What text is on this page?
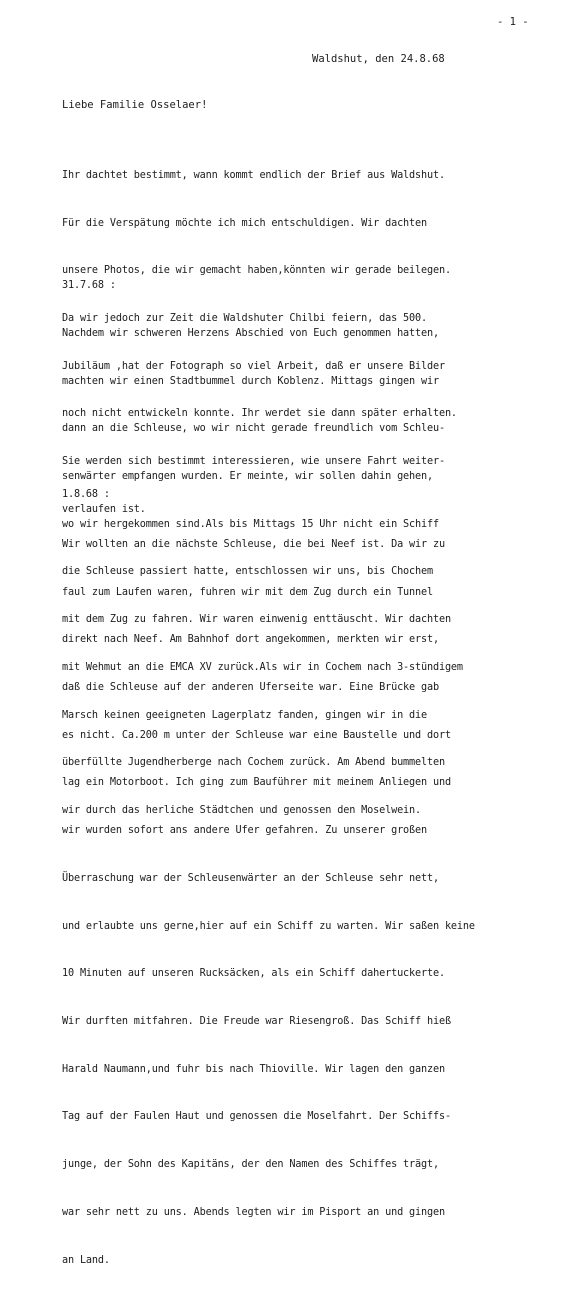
- 1 -
Waldshut, den 24.8.68
Liebe Familie Osselaer!

Ihr dachtet bestimmt, wann kommt endlich der Brief aus Waldshut.

Für die Verspätung möchte ich mich entschuldigen. Wir dachten

unsere Photos, die wir gemacht haben,könnten wir gerade beilegen.

Da wir jedoch zur Zeit die Waldshuter Chilbi feiern, das 500.

Jubiläum ,hat der Fotograph so viel Arbeit, daß er unsere Bilder

noch nicht entwickeln konnte. Ihr werdet sie dann später erhalten.

Sie werden sich bestimmt interessieren, wie unsere Fahrt weiter-

verlaufen ist.

31.7.68 :

Nachdem wir schweren Herzens Abschied von Euch genommen hatten,

machten wir einen Stadtbummel durch Koblenz. Mittags gingen wir

dann an die Schleuse, wo wir nicht gerade freundlich vom Schleu-

senwärter empfangen wurden. Er meinte, wir sollen dahin gehen,

wo wir hergekommen sind.Als bis Mittags 15 Uhr nicht ein Schiff

die Schleuse passiert hatte, entschlossen wir uns, bis Chochem

mit dem Zug zu fahren. Wir waren einwenig enttäuscht. Wir dachten

mit Wehmut an die EMCA XV zurück.Als wir in Cochem nach 3-stündigem

Marsch keinen geeigneten Lagerplatz fanden, gingen wir in die

überfüllte Jugendherberge nach Cochem zurück. Am Abend bummelten

wir durch das herliche Städtchen und genossen den Moselwein.

1.8.68 :

Wir wollten an die nächste Schleuse, die bei Neef ist. Da wir zu

faul zum Laufen waren, fuhren wir mit dem Zug durch ein Tunnel

direkt nach Neef. Am Bahnhof dort angekommen, merkten wir erst,

daß die Schleuse auf der anderen Uferseite war. Eine Brücke gab

es nicht. Ca.200 m unter der Schleuse war eine Baustelle und dort

lag ein Motorboot. Ich ging zum Bauführer mit meinem Anliegen und

wir wurden sofort ans andere Ufer gefahren. Zu unserer großen

Überraschung war der Schleusenwärter an der Schleuse sehr nett,

und erlaubte uns gerne,hier auf ein Schiff zu warten. Wir saßen keine

10 Minuten auf unseren Rucksäcken, als ein Schiff dahertuckerte.

Wir durften mitfahren. Die Freude war Riesengroß. Das Schiff hieß

Harald Naumann,und fuhr bis nach Thioville. Wir lagen den ganzen

Tag auf der Faulen Haut und genossen die Moselfahrt. Der Schiffs-

junge, der Sohn des Kapitäns, der den Namen des Schiffes trägt,

war sehr nett zu uns. Abends legten wir im Pisport an und gingen

an Land.
